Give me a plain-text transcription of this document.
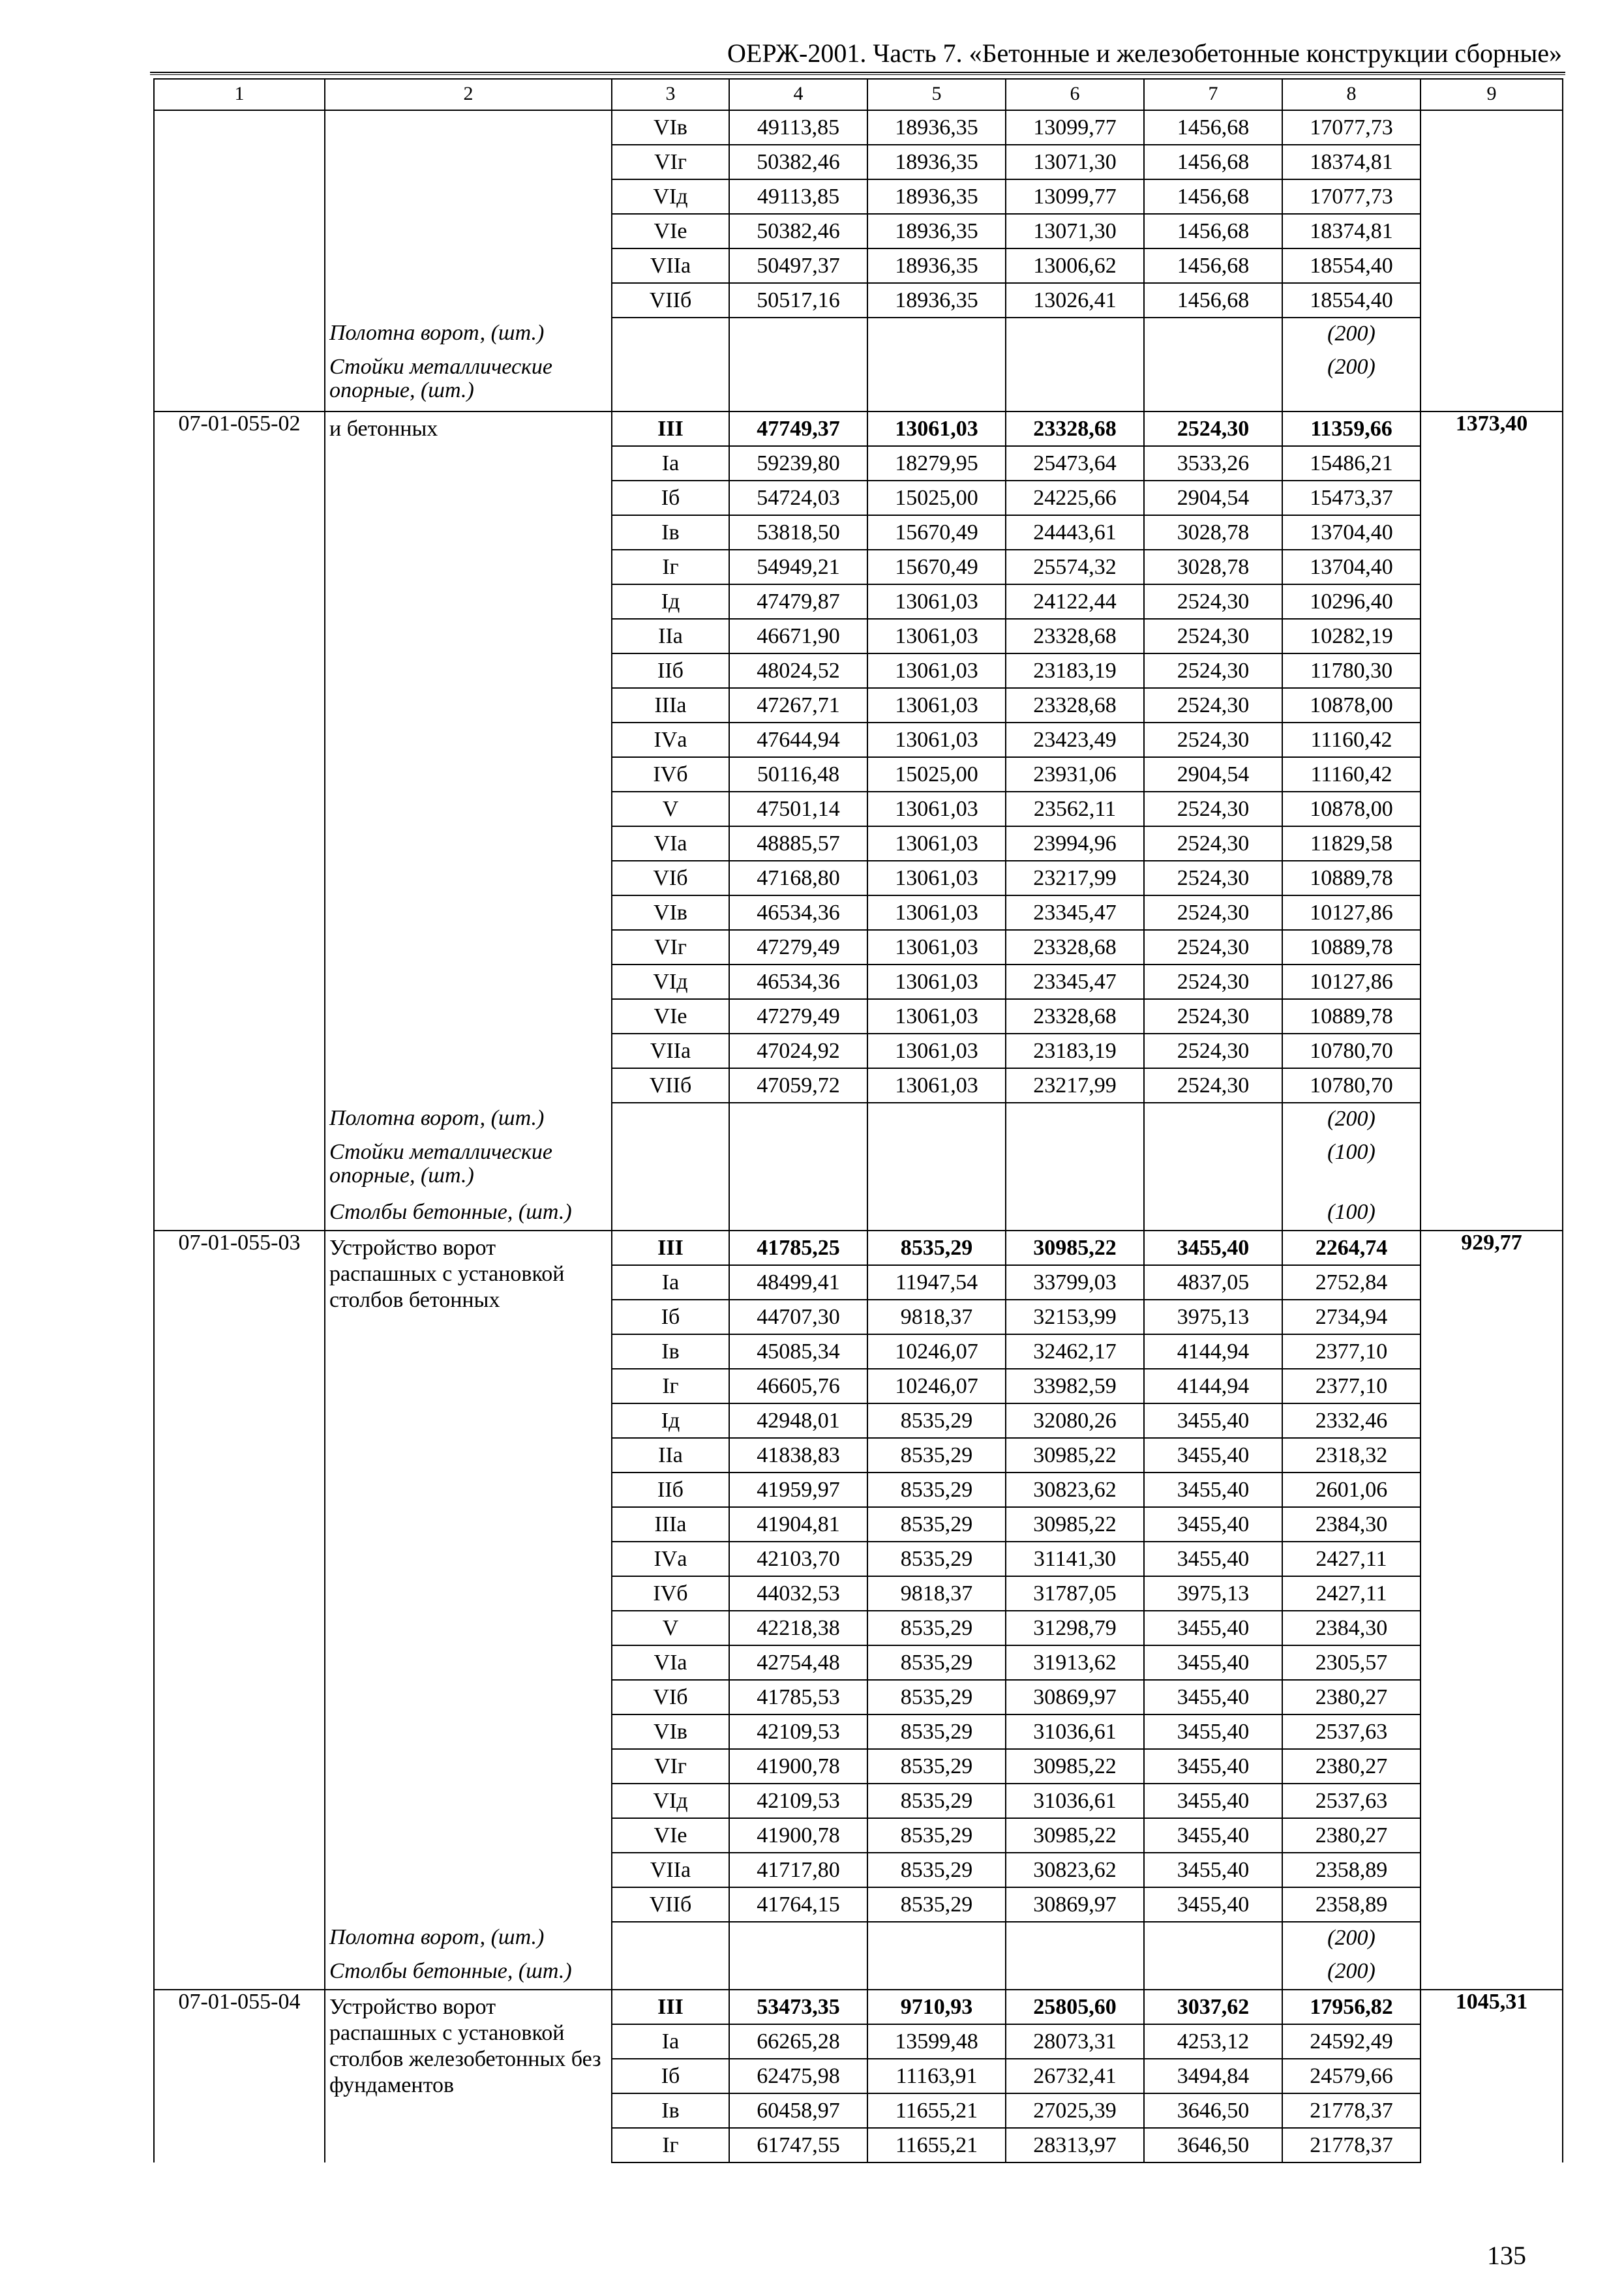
ОЕРЖ-2001. Часть 7. «Бетонные и железобетонные конструкции сборные»
1	2	3	4	5	6	7	8	9
		VIв	49113,85	18936,35	13099,77	1456,68	17077,73	
		VIг	50382,46	18936,35	13071,30	1456,68	18374,81	
		VIд	49113,85	18936,35	13099,77	1456,68	17077,73	
		VIе	50382,46	18936,35	13071,30	1456,68	18374,81	
		VIIа	50497,37	18936,35	13006,62	1456,68	18554,40	
		VIIб	50517,16	18936,35	13026,41	1456,68	18554,40	
	Полотна ворот, (шт.)						(200)	
	Стойки металлические опорные, (шт.)						(200)	
07-01-055-02	и бетонных	III	47749,37	13061,03	23328,68	2524,30	11359,66	1373,40
		Iа	59239,80	18279,95	25473,64	3533,26	15486,21	
		Iб	54724,03	15025,00	24225,66	2904,54	15473,37	
		Iв	53818,50	15670,49	24443,61	3028,78	13704,40	
		Iг	54949,21	15670,49	25574,32	3028,78	13704,40	
		Iд	47479,87	13061,03	24122,44	2524,30	10296,40	
		IIа	46671,90	13061,03	23328,68	2524,30	10282,19	
		IIб	48024,52	13061,03	23183,19	2524,30	11780,30	
		IIIа	47267,71	13061,03	23328,68	2524,30	10878,00	
		IVа	47644,94	13061,03	23423,49	2524,30	11160,42	
		IVб	50116,48	15025,00	23931,06	2904,54	11160,42	
		V	47501,14	13061,03	23562,11	2524,30	10878,00	
		VIа	48885,57	13061,03	23994,96	2524,30	11829,58	
		VIб	47168,80	13061,03	23217,99	2524,30	10889,78	
		VIв	46534,36	13061,03	23345,47	2524,30	10127,86	
		VIг	47279,49	13061,03	23328,68	2524,30	10889,78	
		VIд	46534,36	13061,03	23345,47	2524,30	10127,86	
		VIе	47279,49	13061,03	23328,68	2524,30	10889,78	
		VIIа	47024,92	13061,03	23183,19	2524,30	10780,70	
		VIIб	47059,72	13061,03	23217,99	2524,30	10780,70	
	Полотна ворот, (шт.)						(200)	
	Стойки металлические опорные, (шт.)						(100)	
	Столбы бетонные, (шт.)						(100)	
07-01-055-03	Устройство ворот распашных с установкой столбов бетонных	III	41785,25	8535,29	30985,22	3455,40	2264,74	929,77
		Iа	48499,41	11947,54	33799,03	4837,05	2752,84	
		Iб	44707,30	9818,37	32153,99	3975,13	2734,94	
		Iв	45085,34	10246,07	32462,17	4144,94	2377,10	
		Iг	46605,76	10246,07	33982,59	4144,94	2377,10	
		Iд	42948,01	8535,29	32080,26	3455,40	2332,46	
		IIа	41838,83	8535,29	30985,22	3455,40	2318,32	
		IIб	41959,97	8535,29	30823,62	3455,40	2601,06	
		IIIа	41904,81	8535,29	30985,22	3455,40	2384,30	
		IVа	42103,70	8535,29	31141,30	3455,40	2427,11	
		IVб	44032,53	9818,37	31787,05	3975,13	2427,11	
		V	42218,38	8535,29	31298,79	3455,40	2384,30	
		VIа	42754,48	8535,29	31913,62	3455,40	2305,57	
		VIб	41785,53	8535,29	30869,97	3455,40	2380,27	
		VIв	42109,53	8535,29	31036,61	3455,40	2537,63	
		VIг	41900,78	8535,29	30985,22	3455,40	2380,27	
		VIд	42109,53	8535,29	31036,61	3455,40	2537,63	
		VIе	41900,78	8535,29	30985,22	3455,40	2380,27	
		VIIа	41717,80	8535,29	30823,62	3455,40	2358,89	
		VIIб	41764,15	8535,29	30869,97	3455,40	2358,89	
	Полотна ворот, (шт.)						(200)	
	Столбы бетонные, (шт.)						(200)	
07-01-055-04	Устройство ворот распашных с установкой столбов железобетонных без фундаментов	III	53473,35	9710,93	25805,60	3037,62	17956,82	1045,31
		Iа	66265,28	13599,48	28073,31	4253,12	24592,49	
		Iб	62475,98	11163,91	26732,41	3494,84	24579,66	
		Iв	60458,97	11655,21	27025,39	3646,50	21778,37	
		Iг	61747,55	11655,21	28313,97	3646,50	21778,37	
135
